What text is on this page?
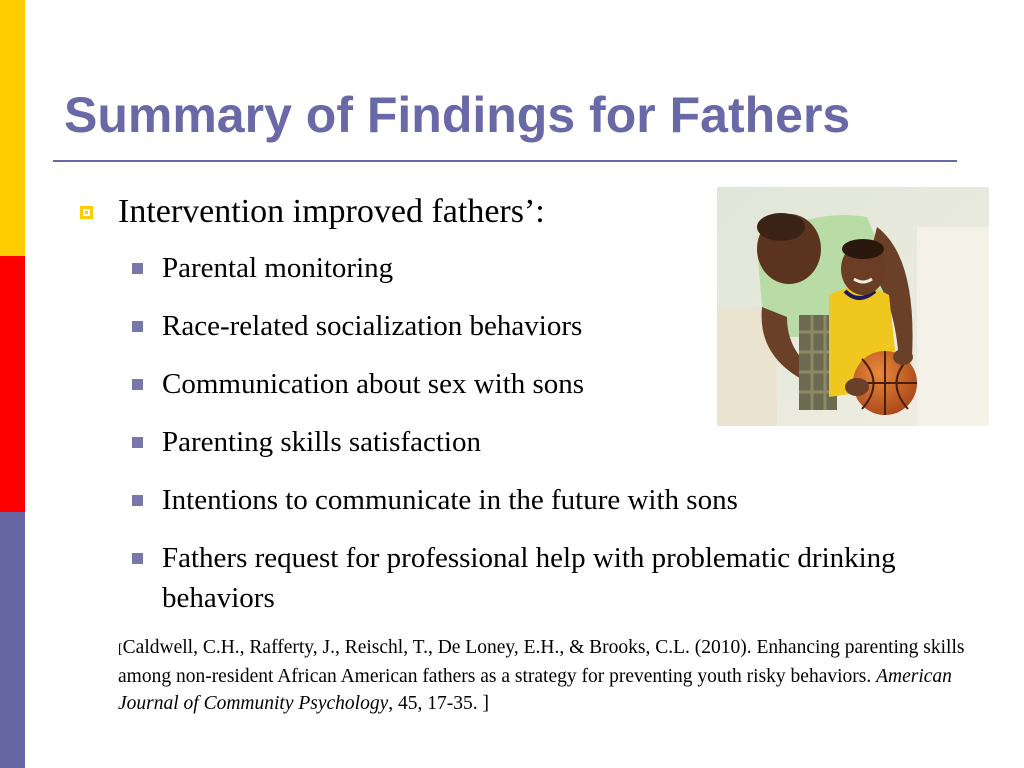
Summary of Findings for Fathers
Intervention improved fathers’:
Parental monitoring
Race-related socialization behaviors
Communication about sex with sons
Parenting skills satisfaction
Intentions to communicate in the future with sons
Fathers request for professional help with problematic drinking behaviors
[Caldwell, C.H., Rafferty, J., Reischl, T., De Loney, E.H., & Brooks, C.L. (2010). Enhancing parenting skills among non-resident African American fathers as a strategy for preventing youth risky behaviors. American Journal of Community Psychology, 45, 17-35. ]
